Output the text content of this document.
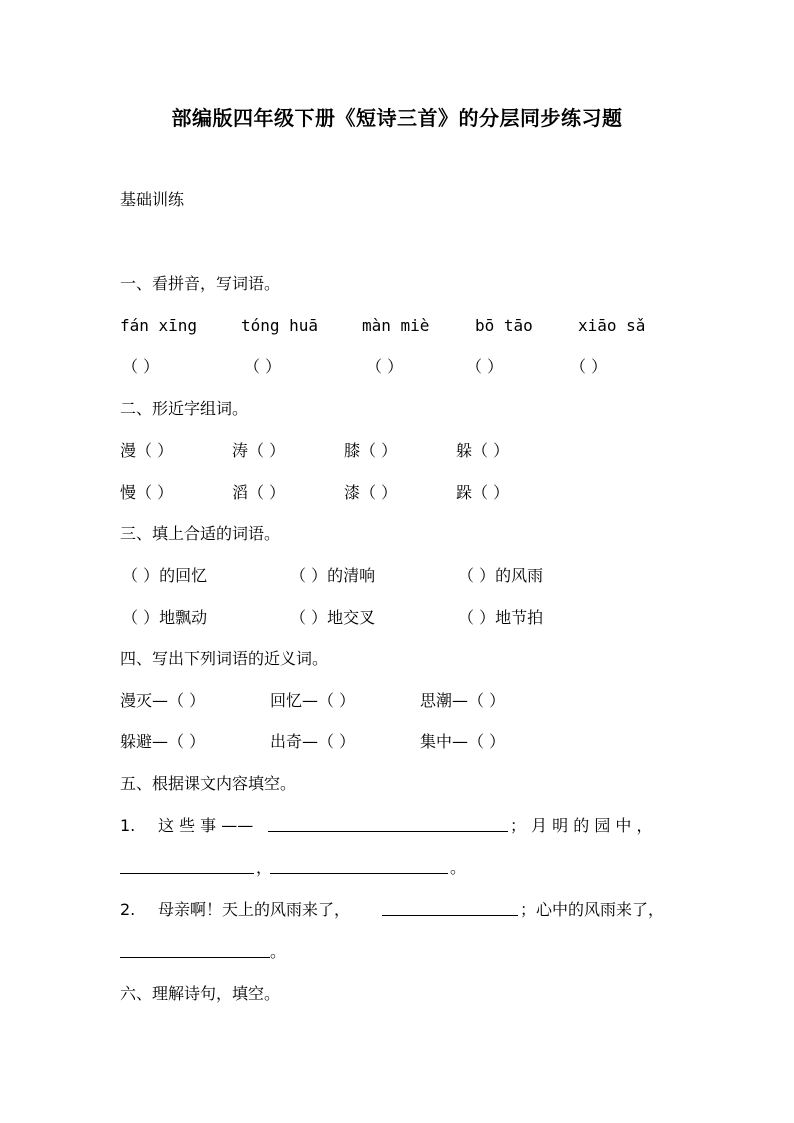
部编版四年级下册《短诗三首》的分层同步练习题
基础训练
一、看拼音，写词语。
fán xīng	tóng huā	màn miè	bō tāo	xiāo sǎ
（ ）	（ ）	（ ）	（ ）	（ ）
二、形近字组词。
漫（ ）	涛（ ）	膝（ ）	躲（ ）
慢（ ）	滔（ ）	漆（ ）	跺（ ）
三、填上合适的词语。
（ ）的回忆	（ ）的清响	（ ）的风雨
（ ）地飘动	（ ）地交叉	（ ）地节拍
四、写出下列词语的近义词。
漫灭—（ ）	回忆—（ ）	思潮—（ ）
躲避—（ ）	出奇—（ ）	集中—（ ）
五、根据课文内容填空。
1. 这 些 事 ——	； 月 明 的 园 中 ，
，	。
2. 母亲啊！天上的风雨来了，	；心中的风雨来了，
。
六、理解诗句，填空。
